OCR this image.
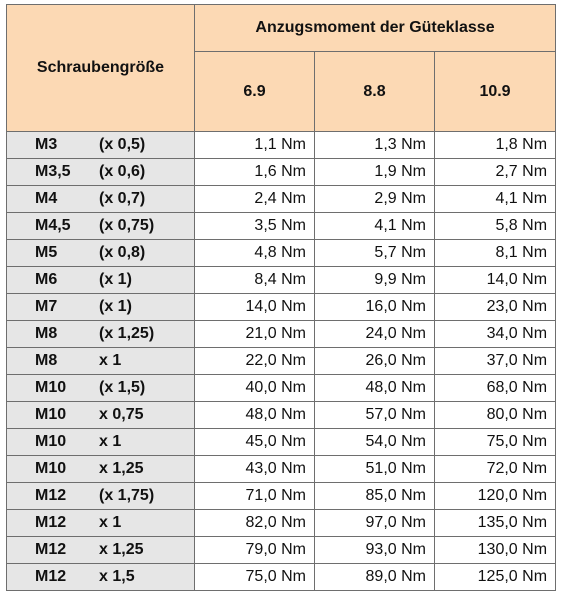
Schraubengröße	Anzugsmoment der Güteklasse		
	6.9	8.8	10.9
M3 (x 0,5)	1,1 Nm	1,3 Nm	1,8 Nm
M3,5 (x 0,6)	1,6 Nm	1,9 Nm	2,7 Nm
M4 (x 0,7)	2,4 Nm	2,9 Nm	4,1 Nm
M4,5 (x 0,75)	3,5 Nm	4,1 Nm	5,8 Nm
M5 (x 0,8)	4,8 Nm	5,7 Nm	8,1 Nm
M6 (x 1)	8,4 Nm	9,9 Nm	14,0 Nm
M7 (x 1)	14,0 Nm	16,0 Nm	23,0 Nm
M8 (x 1,25)	21,0 Nm	24,0 Nm	34,0 Nm
M8 x 1	22,0 Nm	26,0 Nm	37,0 Nm
M10 (x 1,5)	40,0 Nm	48,0 Nm	68,0 Nm
M10 x 0,75	48,0 Nm	57,0 Nm	80,0 Nm
M10 x 1	45,0 Nm	54,0 Nm	75,0 Nm
M10 x 1,25	43,0 Nm	51,0 Nm	72,0 Nm
M12 (x 1,75)	71,0 Nm	85,0 Nm	120,0 Nm
M12 x 1	82,0 Nm	97,0 Nm	135,0 Nm
M12 x 1,25	79,0 Nm	93,0 Nm	130,0 Nm
M12 x 1,5	75,0 Nm	89,0 Nm	125,0 Nm
